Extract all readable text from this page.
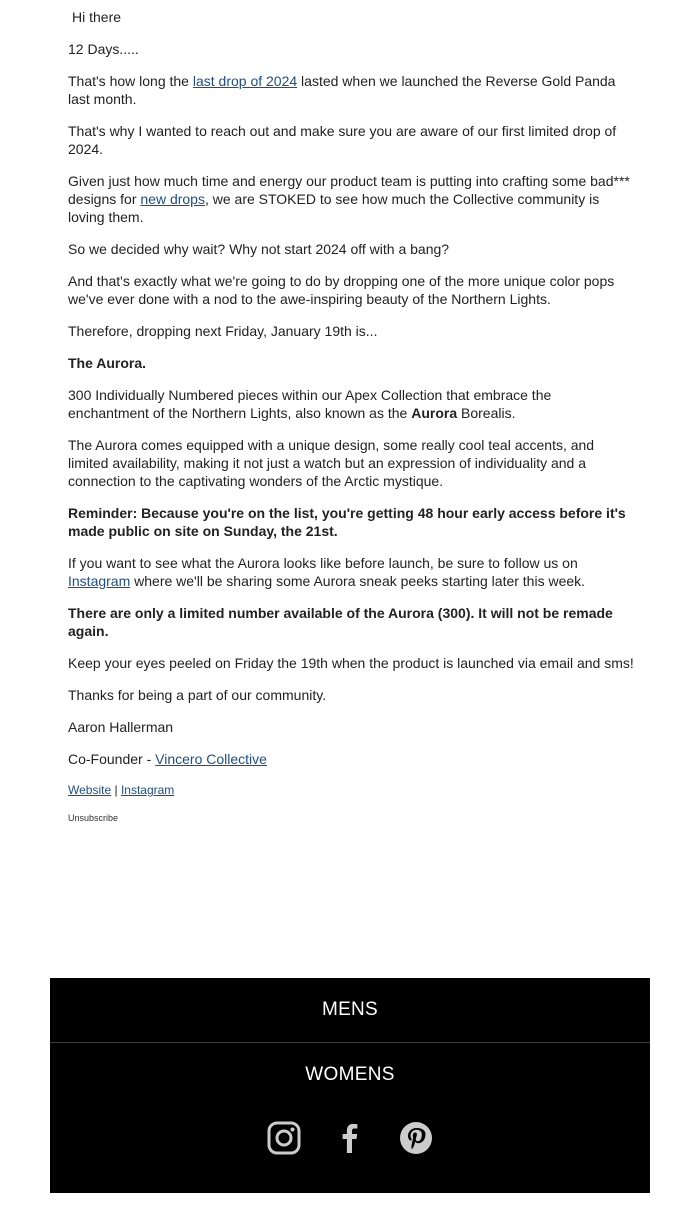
Hi there

12 Days.....

That's how long the last drop of 2024 lasted when we launched the Reverse Gold Panda last month.

That's why I wanted to reach out and make sure you are aware of our first limited drop of 2024.

Given just how much time and energy our product team is putting into crafting some bad*** designs for new drops, we are STOKED to see how much the Collective community is loving them.

So we decided why wait? Why not start 2024 off with a bang?

And that's exactly what we're going to do by dropping one of the more unique color pops we've ever done with a nod to the awe-inspiring beauty of the Northern Lights.

Therefore, dropping next Friday, January 19th is...

The Aurora.

300 Individually Numbered pieces within our Apex Collection that embrace the enchantment of the Northern Lights, also known as the Aurora Borealis.

The Aurora comes equipped with a unique design, some really cool teal accents, and limited availability, making it not just a watch but an expression of individuality and a connection to the captivating wonders of the Arctic mystique.

Reminder: Because you're on the list, you're getting 48 hour early access before it's made public on site on Sunday, the 21st.

If you want to see what the Aurora looks like before launch, be sure to follow us on Instagram where we'll be sharing some Aurora sneak peeks starting later this week.

There are only a limited number available of the Aurora (300). It will not be remade again.

Keep your eyes peeled on Friday the 19th when the product is launched via email and sms!

Thanks for being a part of our community.

Aaron Hallerman

Co-Founder - Vincero Collective

Website | Instagram

Unsubscribe

MENS
WOMENS
